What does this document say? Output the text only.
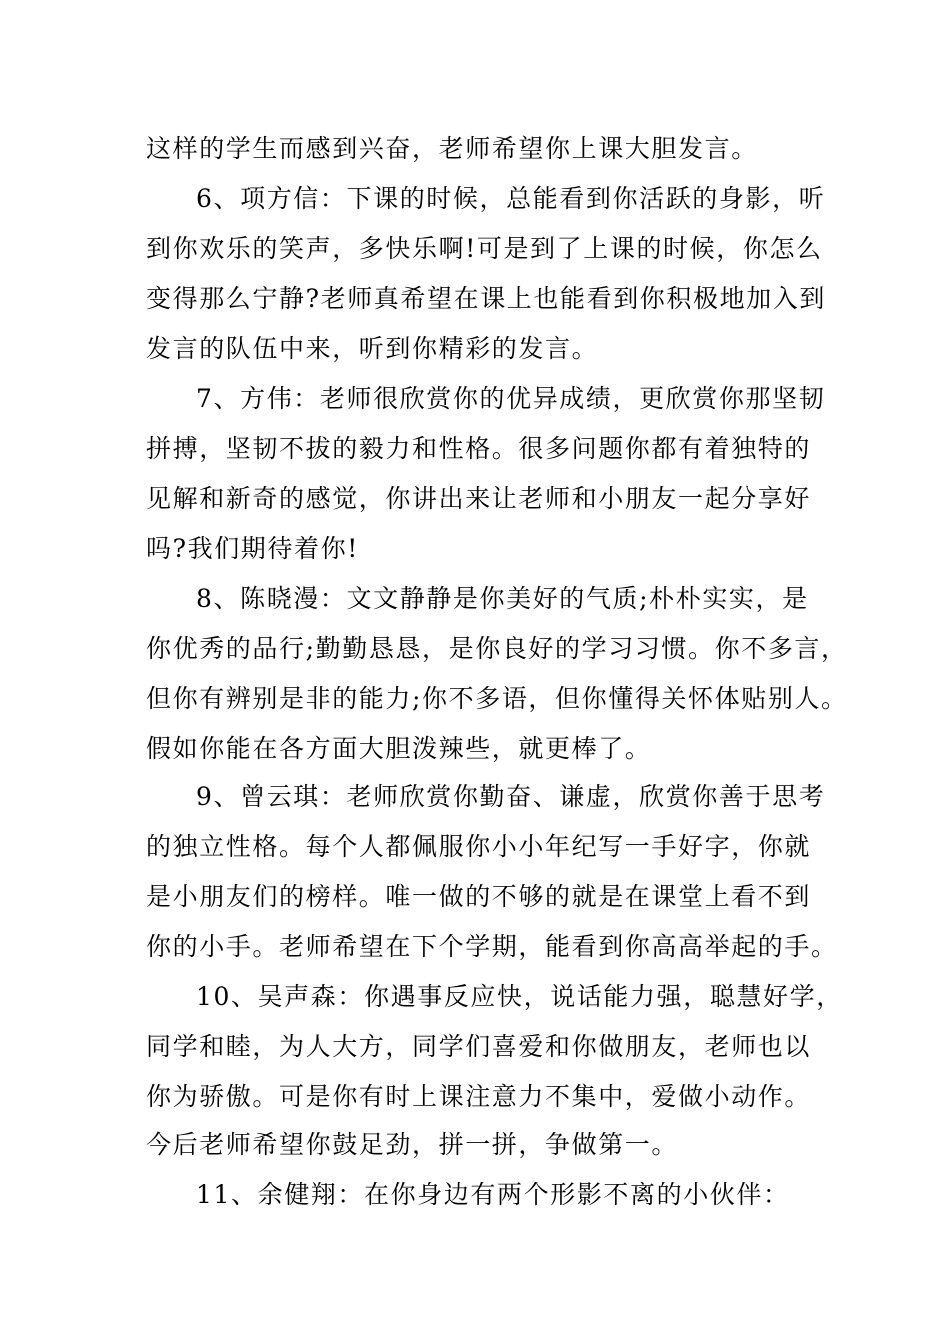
这样的学生而感到兴奋，老师希望你上课大胆发言。
6、项方信：下课的时候，总能看到你活跃的身影，听
到你欢乐的笑声，多快乐啊!可是到了上课的时候，你怎么
变得那么宁静?老师真希望在课上也能看到你积极地加入到
发言的队伍中来，听到你精彩的发言。
7、方伟：老师很欣赏你的优异成绩，更欣赏你那坚韧
拼搏，坚韧不拔的毅力和性格。很多问题你都有着独特的
见解和新奇的感觉，你讲出来让老师和小朋友一起分享好
吗?我们期待着你!
8、陈晓漫：文文静静是你美好的气质;朴朴实实，是
你优秀的品行;勤勤恳恳，是你良好的学习习惯。你不多言，
但你有辨别是非的能力;你不多语，但你懂得关怀体贴别人。
假如你能在各方面大胆泼辣些，就更棒了。
9、曾云琪：老师欣赏你勤奋、谦虚，欣赏你善于思考
的独立性格。每个人都佩服你小小年纪写一手好字，你就
是小朋友们的榜样。唯一做的不够的就是在课堂上看不到
你的小手。老师希望在下个学期，能看到你高高举起的手。
10、吴声森：你遇事反应快，说话能力强，聪慧好学，
同学和睦，为人大方，同学们喜爱和你做朋友，老师也以
你为骄傲。可是你有时上课注意力不集中，爱做小动作。
今后老师希望你鼓足劲，拼一拼，争做第一。
11、余健翔：在你身边有两个形影不离的小伙伴：
